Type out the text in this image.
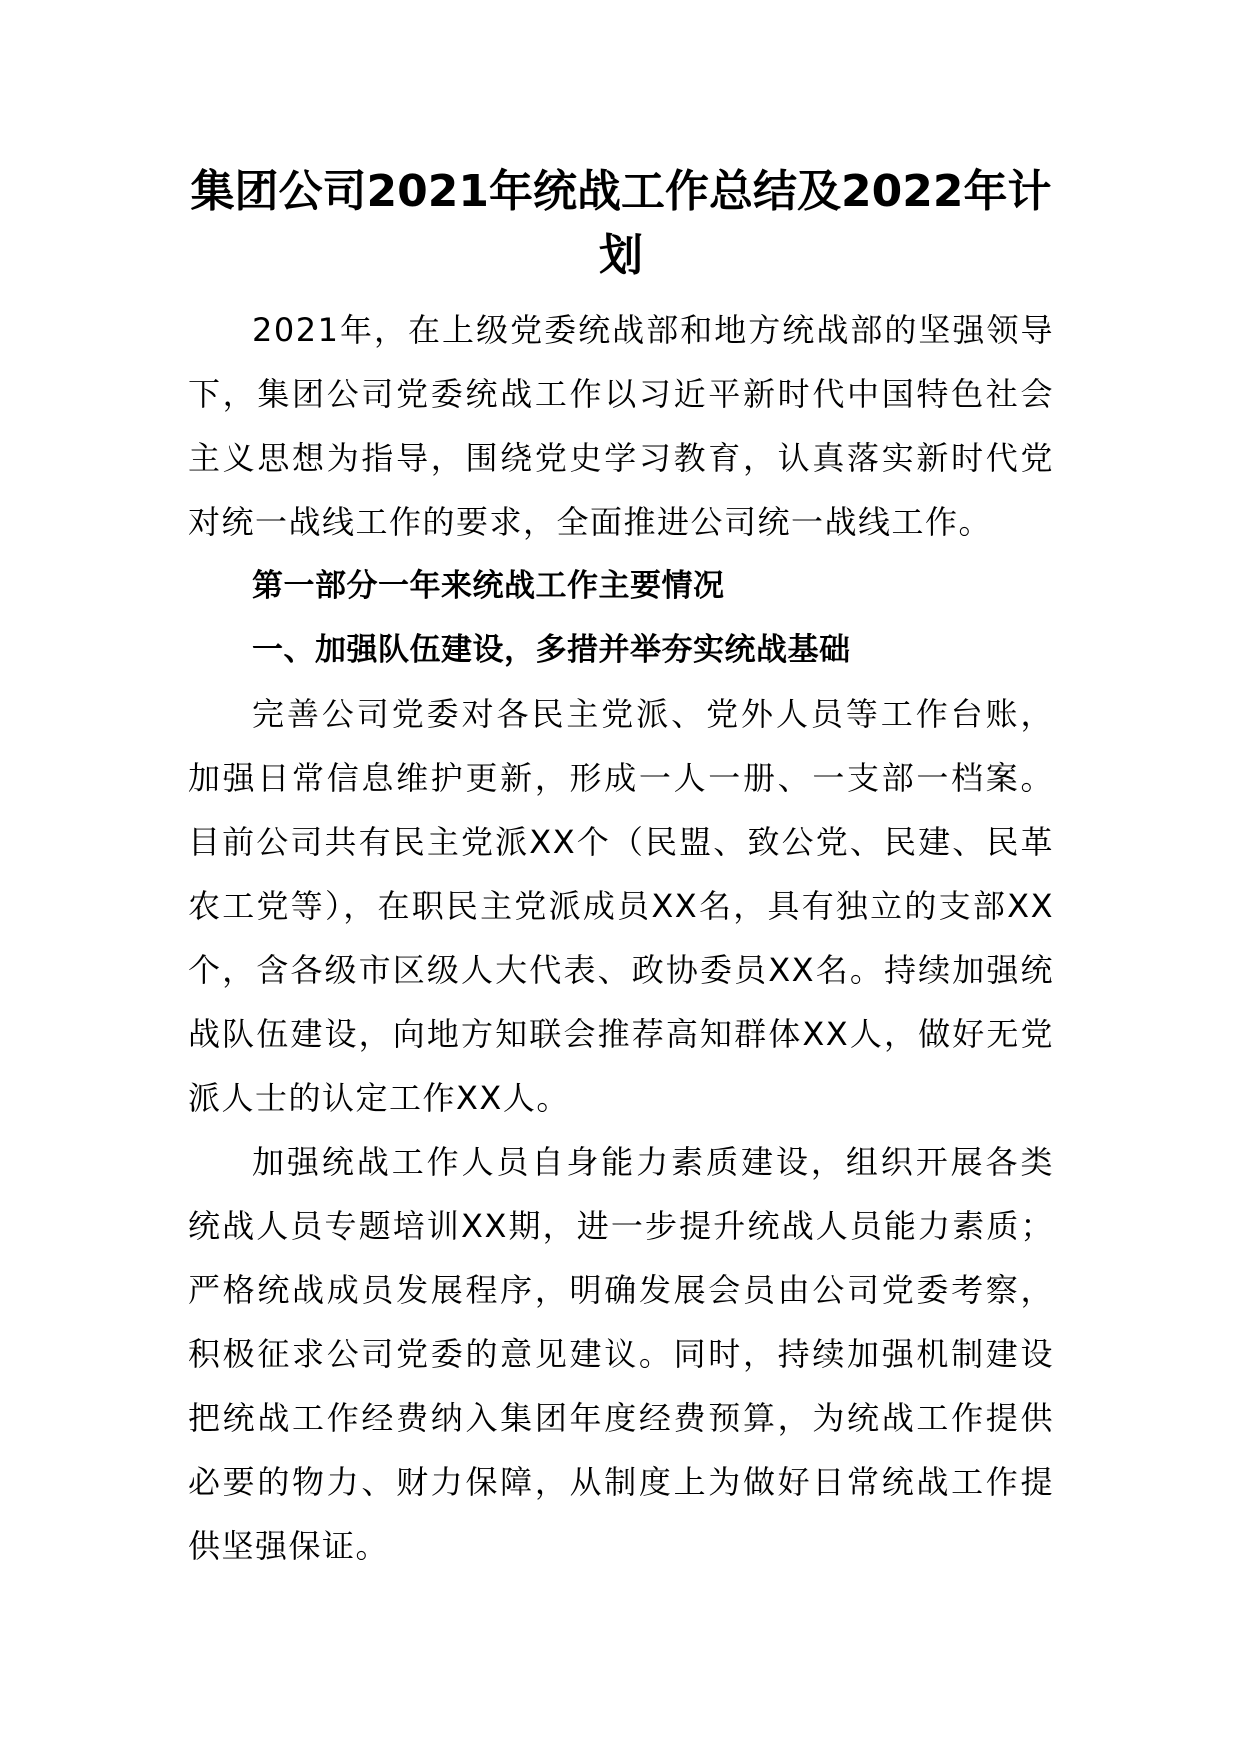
集团公司2021年统战工作总结及2022年计划

2021年，在上级党委统战部和地方统战部的坚强领导下，集团公司党委统战工作以习近平新时代中国特色社会主义思想为指导，围绕党史学习教育，认真落实新时代党对统一战线工作的要求，全面推进公司统一战线工作。

第一部分一年来统战工作主要情况

一、加强队伍建设，多措并举夯实统战基础

完善公司党委对各民主党派、党外人员等工作台账，加强日常信息维护更新，形成一人一册、一支部一档案。目前公司共有民主党派XX个（民盟、致公党、民建、民革农工党等），在职民主党派成员XX名，具有独立的支部XX个，含各级市区级人大代表、政协委员XX名。持续加强统战队伍建设，向地方知联会推荐高知群体XX人，做好无党派人士的认定工作XX人。

加强统战工作人员自身能力素质建设，组织开展各类统战人员专题培训XX期，进一步提升统战人员能力素质；严格统战成员发展程序，明确发展会员由公司党委考察，积极征求公司党委的意见建议。同时，持续加强机制建设把统战工作经费纳入集团年度经费预算，为统战工作提供必要的物力、财力保障，从制度上为做好日常统战工作提供坚强保证。
